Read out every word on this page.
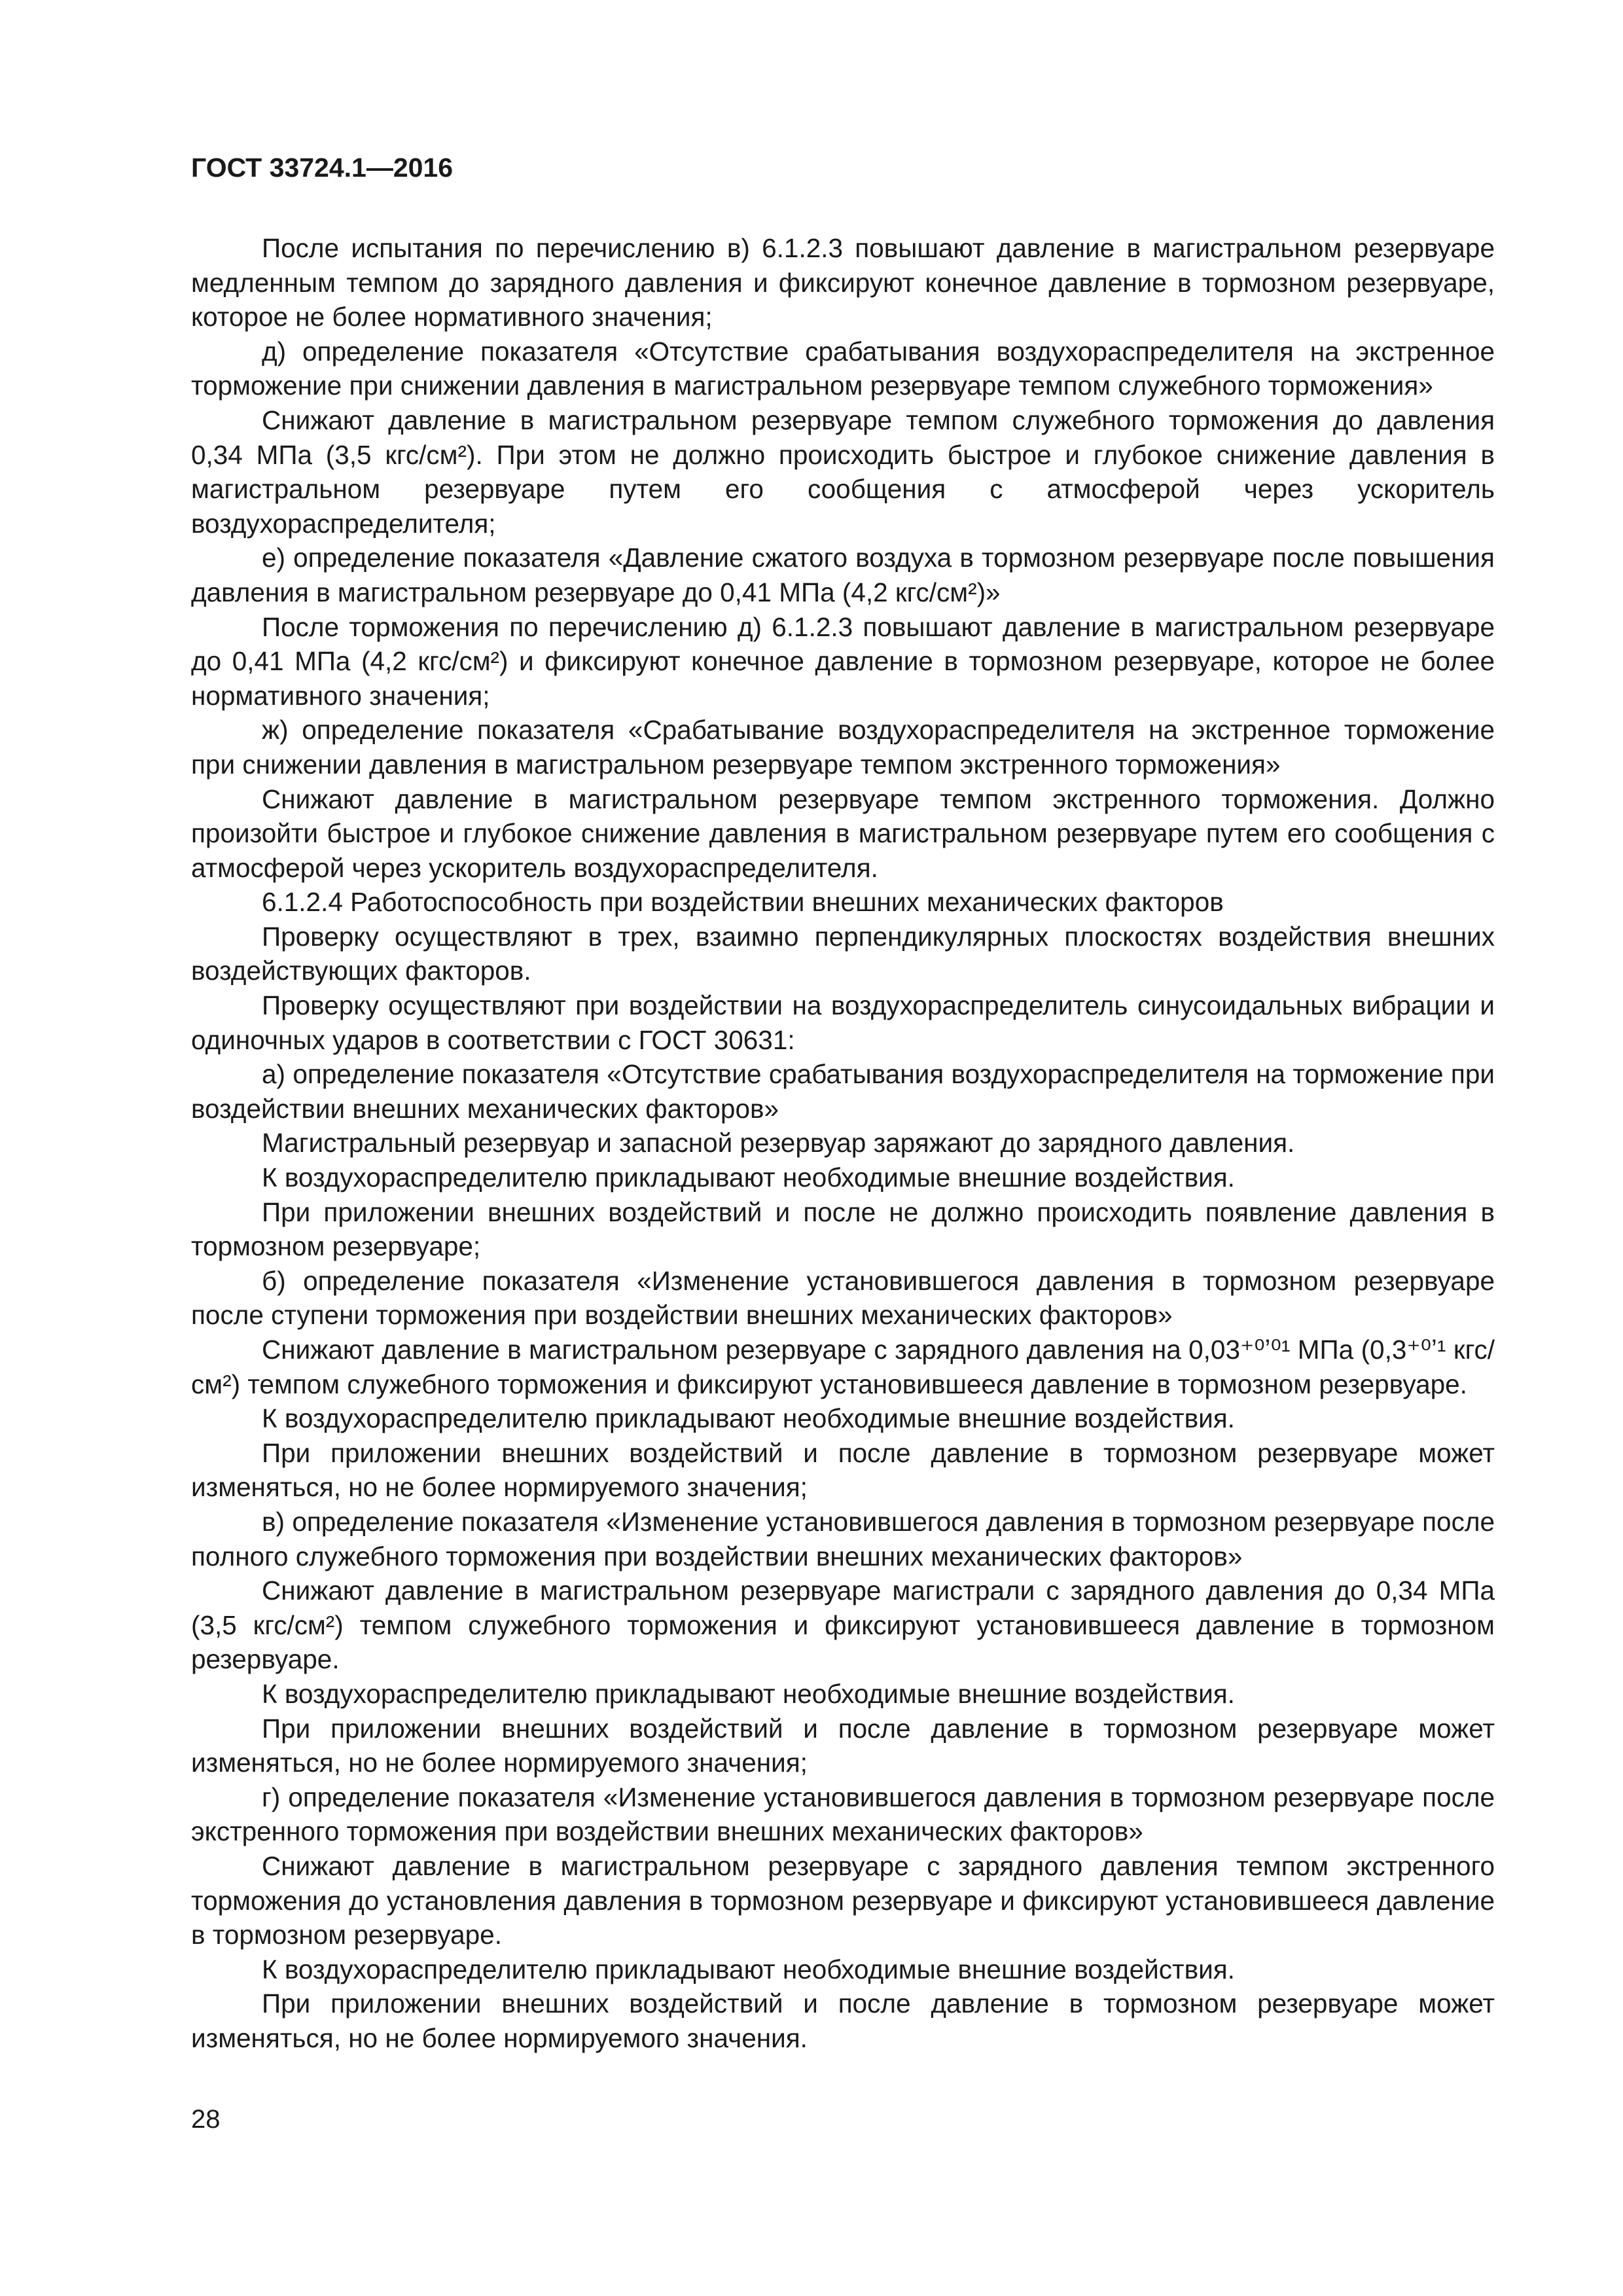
ГОСТ 33724.1—2016

После испытания по перечислению в) 6.1.2.3 повышают давление в магистральном резервуаре медленным темпом до зарядного давления и фиксируют конечное давление в тормозном резервуаре, которое не более нормативного значения;

д) определение показателя «Отсутствие срабатывания воздухораспределителя на экстренное торможение при снижении давления в магистральном резервуаре темпом служебного торможения»

Снижают давление в магистральном резервуаре темпом служебного торможения до давления 0,34 МПа (3,5 кгс/см²). При этом не должно происходить быстрое и глубокое снижение давления в магистральном резервуаре путем его сообщения с атмосферой через ускоритель воздухораспределителя;

е) определение показателя «Давление сжатого воздуха в тормозном резервуаре после повышения давления в магистральном резервуаре до 0,41 МПа (4,2 кгс/см²)»

После торможения по перечислению д) 6.1.2.3 повышают давление в магистральном резервуаре до 0,41 МПа (4,2 кгс/см²) и фиксируют конечное давление в тормозном резервуаре, которое не более нормативного значения;

ж) определение показателя «Срабатывание воздухораспределителя на экстренное торможение при снижении давления в магистральном резервуаре темпом экстренного торможения»

Снижают давление в магистральном резервуаре темпом экстренного торможения. Должно произойти быстрое и глубокое снижение давления в магистральном резервуаре путем его сообщения с атмосферой через ускоритель воздухораспределителя.

6.1.2.4 Работоспособность при воздействии внешних механических факторов

Проверку осуществляют в трех, взаимно перпендикулярных плоскостях воздействия внешних воздействующих факторов.

Проверку осуществляют при воздействии на воздухораспределитель синусоидальных вибрации и одиночных ударов в соответствии с ГОСТ 30631:

а) определение показателя «Отсутствие срабатывания воздухораспределителя на торможение при воздействии внешних механических факторов»

Магистральный резервуар и запасной резервуар заряжают до зарядного давления.

К воздухораспределителю прикладывают необходимые внешние воздействия.

При приложении внешних воздействий и после не должно происходить появление давления в тормозном резервуаре;

б) определение показателя «Изменение установившегося давления в тормозном резервуаре после ступени торможения при воздействии внешних механических факторов»

Снижают давление в магистральном резервуаре с зарядного давления на 0,03⁺⁰ʼ⁰¹ МПа (0,3⁺⁰ʼ¹ кгс/см²) темпом служебного торможения и фиксируют установившееся давление в тормозном резервуаре.

К воздухораспределителю прикладывают необходимые внешние воздействия.

При приложении внешних воздействий и после давление в тормозном резервуаре может изменяться, но не более нормируемого значения;

в) определение показателя «Изменение установившегося давления в тормозном резервуаре после полного служебного торможения при воздействии внешних механических факторов»

Снижают давление в магистральном резервуаре магистрали с зарядного давления до 0,34 МПа (3,5 кгс/см²) темпом служебного торможения и фиксируют установившееся давление в тормозном резервуаре.

К воздухораспределителю прикладывают необходимые внешние воздействия.

При приложении внешних воздействий и после давление в тормозном резервуаре может изменяться, но не более нормируемого значения;

г) определение показателя «Изменение установившегося давления в тормозном резервуаре после экстренного торможения при воздействии внешних механических факторов»

Снижают давление в магистральном резервуаре с зарядного давления темпом экстренного торможения до установления давления в тормозном резервуаре и фиксируют установившееся давление в тормозном резервуаре.

К воздухораспределителю прикладывают необходимые внешние воздействия.

При приложении внешних воздействий и после давление в тормозном резервуаре может изменяться, но не более нормируемого значения.

28
